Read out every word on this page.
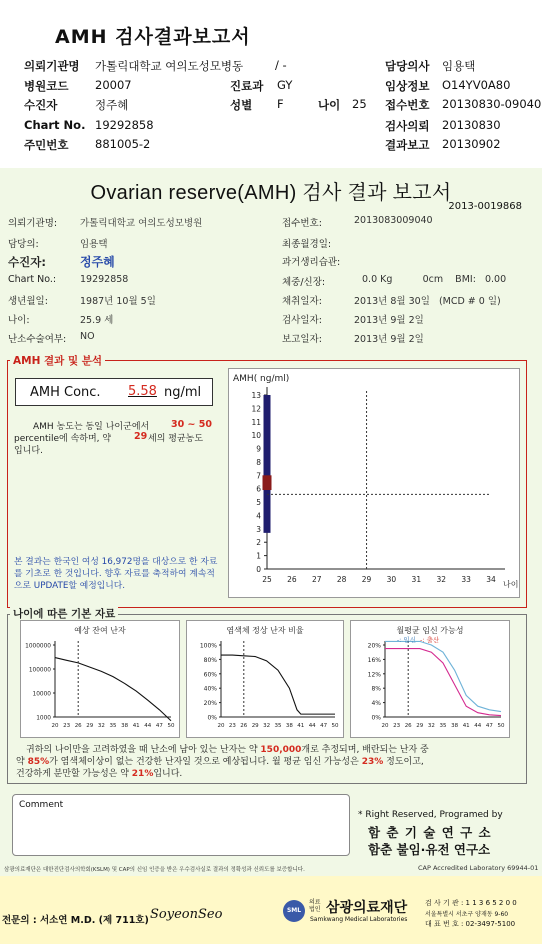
AMH 검사결과보고서
의뢰기관명 가톨릭대학교 여의도성모병동	/ -	담당의사 임용택
병원코드 20007	진료과 GY	임상정보 O14YV0A80
수진자	정주혜	성별 F	나이 25 접수번호 20130830-09040
Chart No. 19292858	검사의뢰 20130830
주민번호 881005-2	결과보고 20130902
Ovarian reserve(AMH) 검사 결과 보고서
2013-0019868
의뢰기관명: 가톨릭대학교 여의도성모병원
담당의:	임용택
수진자:	정주혜
Chart No.:	19292858
생년월일:	1987년 10월 5일
나이:	25.9 세
난소수술여부: NO
접수번호:	2013083009040
최종월경일:
과거생리습관:
체중/신장:	0.0 Kg          0cm    BMI:   0.00
채취일자:	2013년 8월 30일   (MCD # 0 일)
검사일자:	2013년 9월 2일
보고일자:	2013년 9월 2일
AMH 결과 및 분석
AMH Conc. 5.58 ng/ml
AMH 농도는 동일 나이군에서 30 ~ 50
percentile에 속하며, 약 29 세의 평균농도
입니다.
본 결과는 한국인 여성 16,972명을 대상으로 한 자료를 기초로 한 것입니다. 향후 자료를 축적하여 계속적으로 UPDATE할 예정입니다.
AMH( ng/ml)
0
1
2
3
4
5
6
7
8
9
10
11
12
13
25 26 27 28 29 30 31 32 33 34
나이
나이에 따른 기본 자료
예상 잔여 난자
1000000
100000
10000
1000
20 23 26 29 32 35 38 41 44 47 50
염색체 정상 난자 비율
100%
80%
60%
40%
20%
0%
20 23 26 29 32 35 38 41 44 47 50
월평균 임신 가능성
20%
16%
12%
8%
4%
0%
20 23 26 29 32 35 38 41 44 47 50
-: 임신 -: 출산
귀하의 나이만을 고려하였을 때 난소에 남아 있는 난자는 약 150,000개로 추정되며, 배란되는 난자 중
약 85%가 염색체이상이 없는 건강한 난자일 것으로 예상됩니다. 월 평균 임신 가능성은 23% 정도이고,
건강하게 분만할 가능성은 약 21%입니다.
Comment
* Right Reserved, Programed by
함 춘 기 술 연 구 소
함춘 불임·유전 연구소
삼광의료재단은 대한진단검사의학회(KSLM) 및 CAP의 신임 인증을 받은 우수검사실로 결과의 정확성과 신뢰도를 보증합니다.	CAP Accredited Laboratory 69944-01
전문의 : 서소연 M.D. (제 711호) SoyeonSeo	SML
의료법인 삼광의료재단
Samkwang Medical Laboratories
검 사 기 관 : 1 1 3 6 5 2 0 0
서울특별시 서초구 양재동 9-60
대 표 번 호 : 02-3497-5100
